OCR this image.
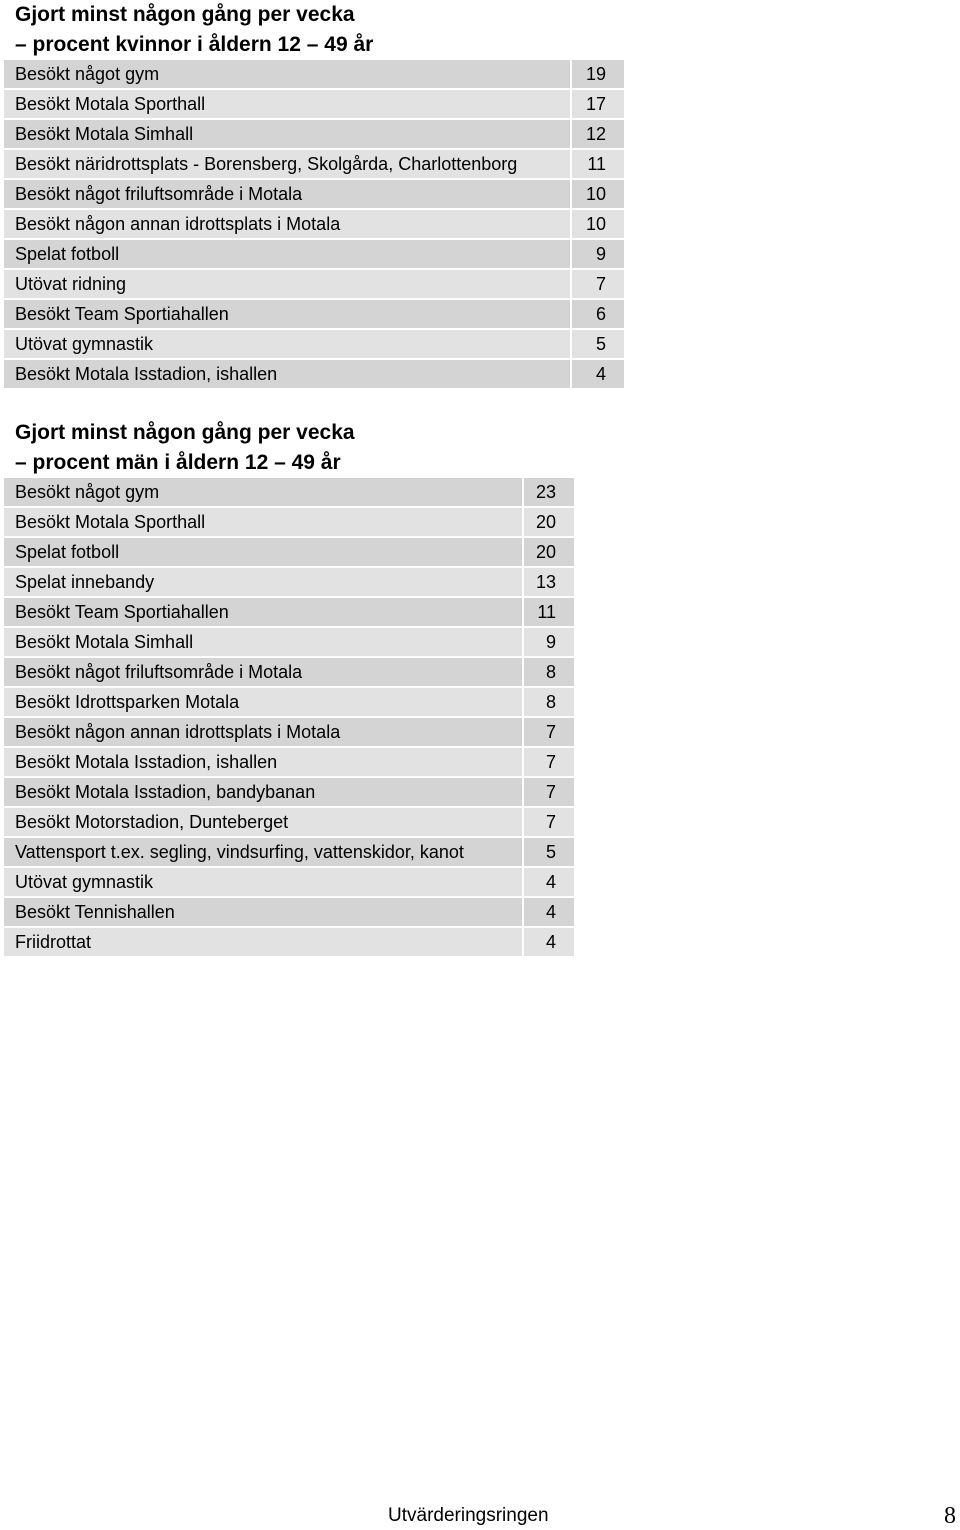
Gjort minst någon gång per vecka
– procent kvinnor i åldern 12 – 49 år
Besökt något gym	19
Besökt Motala Sporthall	17
Besökt Motala Simhall	12
Besökt näridrottsplats - Borensberg, Skolgårda, Charlottenborg	11
Besökt något friluftsområde i Motala	10
Besökt någon annan idrottsplats i Motala	10
Spelat fotboll	9
Utövat ridning	7
Besökt Team Sportiahallen	6
Utövat gymnastik	5
Besökt Motala Isstadion, ishallen	4
Gjort minst någon gång per vecka
– procent män i åldern 12 – 49 år
Besökt något gym	23
Besökt Motala Sporthall	20
Spelat fotboll	20
Spelat innebandy	13
Besökt Team Sportiahallen	11
Besökt Motala Simhall	9
Besökt något friluftsområde i Motala	8
Besökt Idrottsparken Motala	8
Besökt någon annan idrottsplats i Motala	7
Besökt Motala Isstadion, ishallen	7
Besökt Motala Isstadion, bandybanan	7
Besökt Motorstadion, Dunteberget	7
Vattensport t.ex. segling, vindsurfing, vattenskidor, kanot	5
Utövat gymnastik	4
Besökt Tennishallen	4
Friidrottat	4
Utvärderingsringen	8
